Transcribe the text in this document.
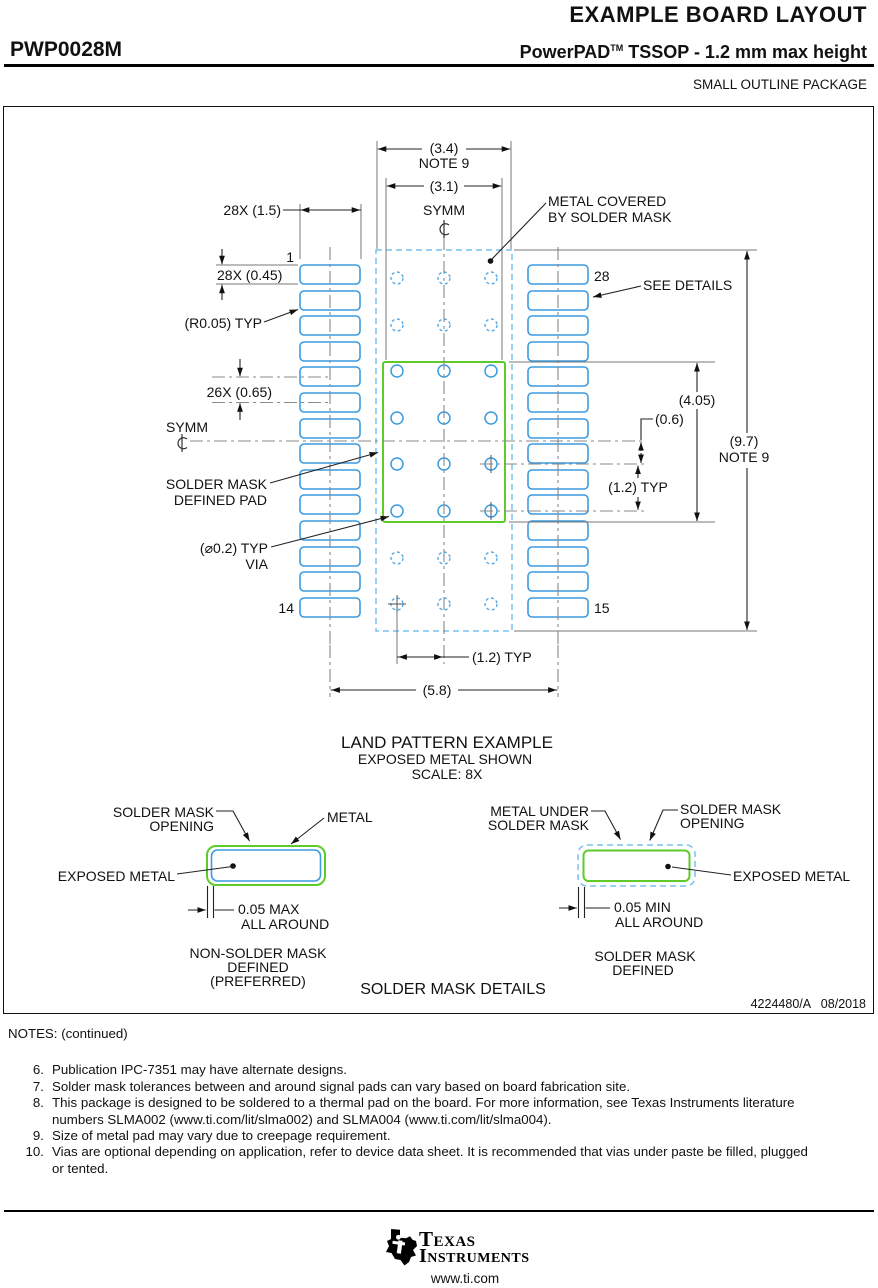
EXAMPLE BOARD LAYOUT
PWP0028M	PowerPAD™ TSSOP - 1.2 mm max height
SMALL OUTLINE PACKAGE
(3.4)
NOTE 9
(3.1)
SYMM
28X (1.5)
1
28X (0.45)
(R0.05) TYP
26X (0.65)
SYMM
SOLDER MASK
DEFINED PAD
(⌀0.2) TYP
VIA
14	15
28
METAL COVERED
BY SOLDER MASK
SEE DETAILS
(4.05)
(0.6)
(9.7)
NOTE 9
(1.2) TYP
(1.2) TYP
(5.8)
LAND PATTERN EXAMPLE
EXPOSED METAL SHOWN
SCALE: 8X
SOLDER MASK
OPENING
METAL
EXPOSED METAL
0.05 MAX
ALL AROUND
NON-SOLDER MASK
DEFINED
(PREFERRED)
METAL UNDER
SOLDER MASK
SOLDER MASK
OPENING
EXPOSED METAL
0.05 MIN
ALL AROUND
SOLDER MASK
DEFINED
SOLDER MASK DETAILS
4224480/A   08/2018
NOTES: (continued)
6. Publication IPC-7351 may have alternate designs.
7. Solder mask tolerances between and around signal pads can vary based on board fabrication site.
8. This package is designed to be soldered to a thermal pad on the board. For more information, see Texas Instruments literature
numbers SLMA002 (www.ti.com/lit/slma002) and SLMA004 (www.ti.com/lit/slma004).
9. Size of metal pad may vary due to creepage requirement.
10. Vias are optional depending on application, refer to device data sheet. It is recommended that vias under paste be filled, plugged
or tented.
Texas
Instruments
www.ti.com
